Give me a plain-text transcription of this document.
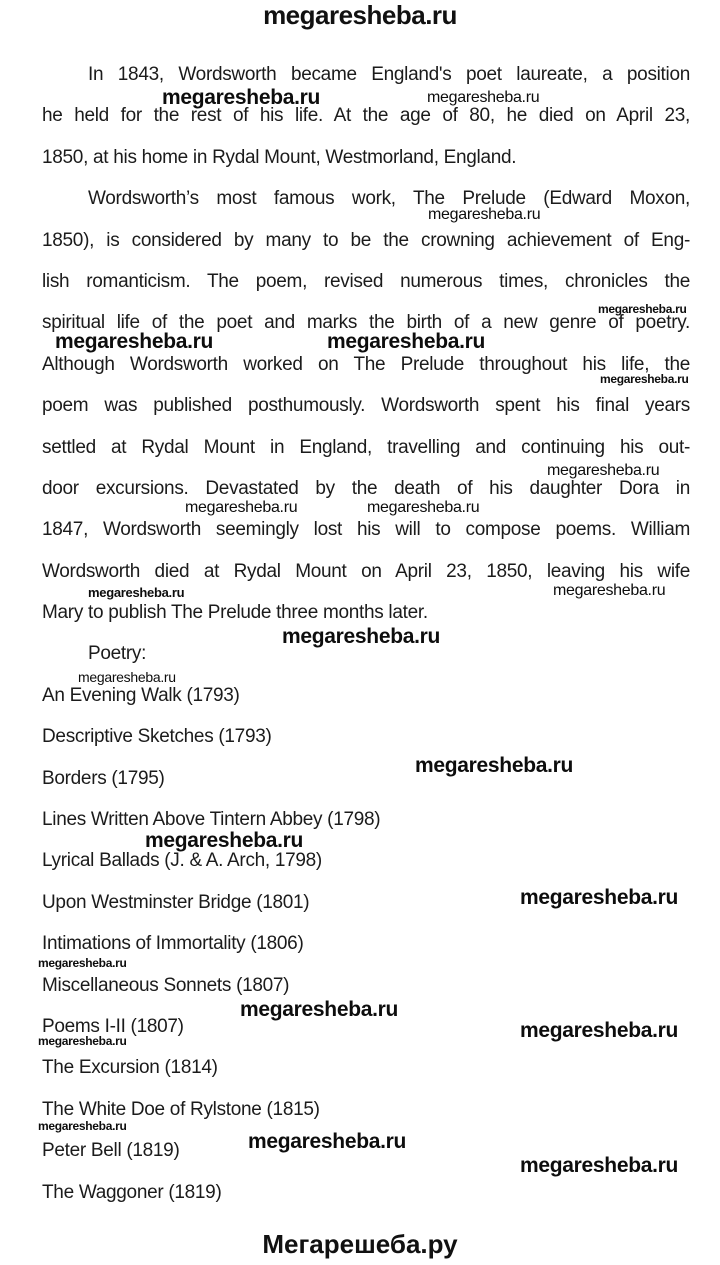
megaresheba.ru
In 1843, Wordsworth became England's poet laureate, a position
he held for the rest of his life. At the age of 80, he died on April 23,
1850, at his home in Rydal Mount, Westmorland, England.
Wordsworth’s most famous work, The Prelude (Edward Moxon,
1850), is considered by many to be the crowning achievement of Eng-
lish romanticism. The poem, revised numerous times, chronicles the
spiritual life of the poet and marks the birth of a new genre of poetry.
Although Wordsworth worked on The Prelude throughout his life, the
poem was published posthumously. Wordsworth spent his final years
settled at Rydal Mount in England, travelling and continuing his out-
door excursions. Devastated by the death of his daughter Dora in
1847, Wordsworth seemingly lost his will to compose poems. William
Wordsworth died at Rydal Mount on April 23, 1850, leaving his wife
Mary to publish The Prelude three months later.
Poetry:
An Evening Walk (1793)
Descriptive Sketches (1793)
Borders (1795)
Lines Written Above Tintern Abbey (1798)
Lyrical Ballads (J. & A. Arch, 1798)
Upon Westminster Bridge (1801)
Intimations of Immortality (1806)
Miscellaneous Sonnets (1807)
Poems I-II (1807)
The Excursion (1814)
The White Doe of Rylstone (1815)
Peter Bell (1819)
The Waggoner (1819)
megaresheba.ru	megaresheba.ru
megaresheba.ru
megaresheba.ru
megaresheba.ru	megaresheba.ru
megaresheba.ru
megaresheba.ru
megaresheba.ru	megaresheba.ru
megaresheba.ru	megaresheba.ru
megaresheba.ru
megaresheba.ru
megaresheba.ru
megaresheba.ru
megaresheba.ru
megaresheba.ru
megaresheba.ru
megaresheba.ru
megaresheba.ru
megaresheba.ru
megaresheba.ru
megaresheba.ru
Мегарешеба.ру
